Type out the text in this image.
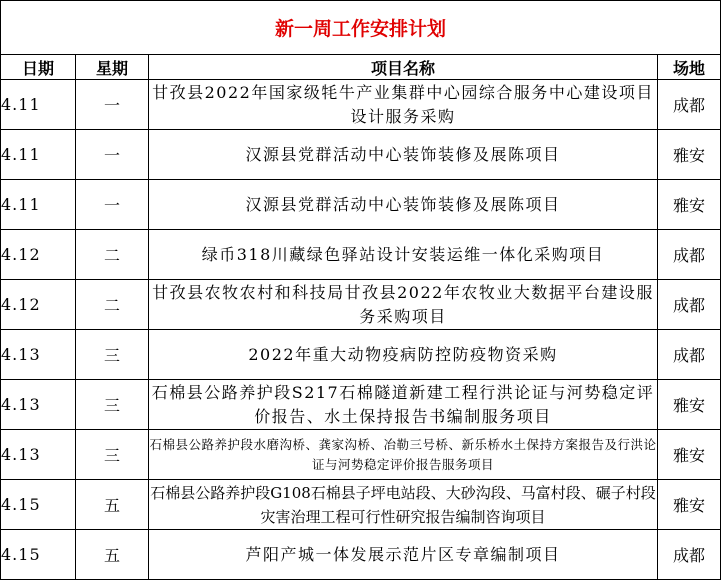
新一周工作安排计划			
日期	星期	项目名称	场地
4.11	一	甘孜县2022年国家级牦牛产业集群中心园综合服务中心建设项目设计服务采购	成都
4.11	一	汉源县党群活动中心装饰装修及展陈项目	雅安
4.11	一	汉源县党群活动中心装饰装修及展陈项目	雅安
4.12	二	绿币318川藏绿色驿站设计安装运维一体化采购项目	成都
4.12	二	甘孜县农牧农村和科技局甘孜县2022年农牧业大数据平台建设服务采购项目	成都
4.13	三	2022年重大动物疫病防控防疫物资采购	成都
4.13	三	石棉县公路养护段S217石棉隧道新建工程行洪论证与河势稳定评价报告、水土保持报告书编制服务项目	雅安
4.13	三	石棉县公路养护段水磨沟桥、龚家沟桥、冶勒三号桥、新乐桥水土保持方案报告及行洪论证与河势稳定评价报告服务项目	雅安
4.15	五	石棉县公路养护段G108石棉县子坪电站段、大砂沟段、马富村段、碾子村段灾害治理工程可行性研究报告编制咨询项目	雅安
4.15	五	芦阳产城一体发展示范片区专章编制项目	成都
